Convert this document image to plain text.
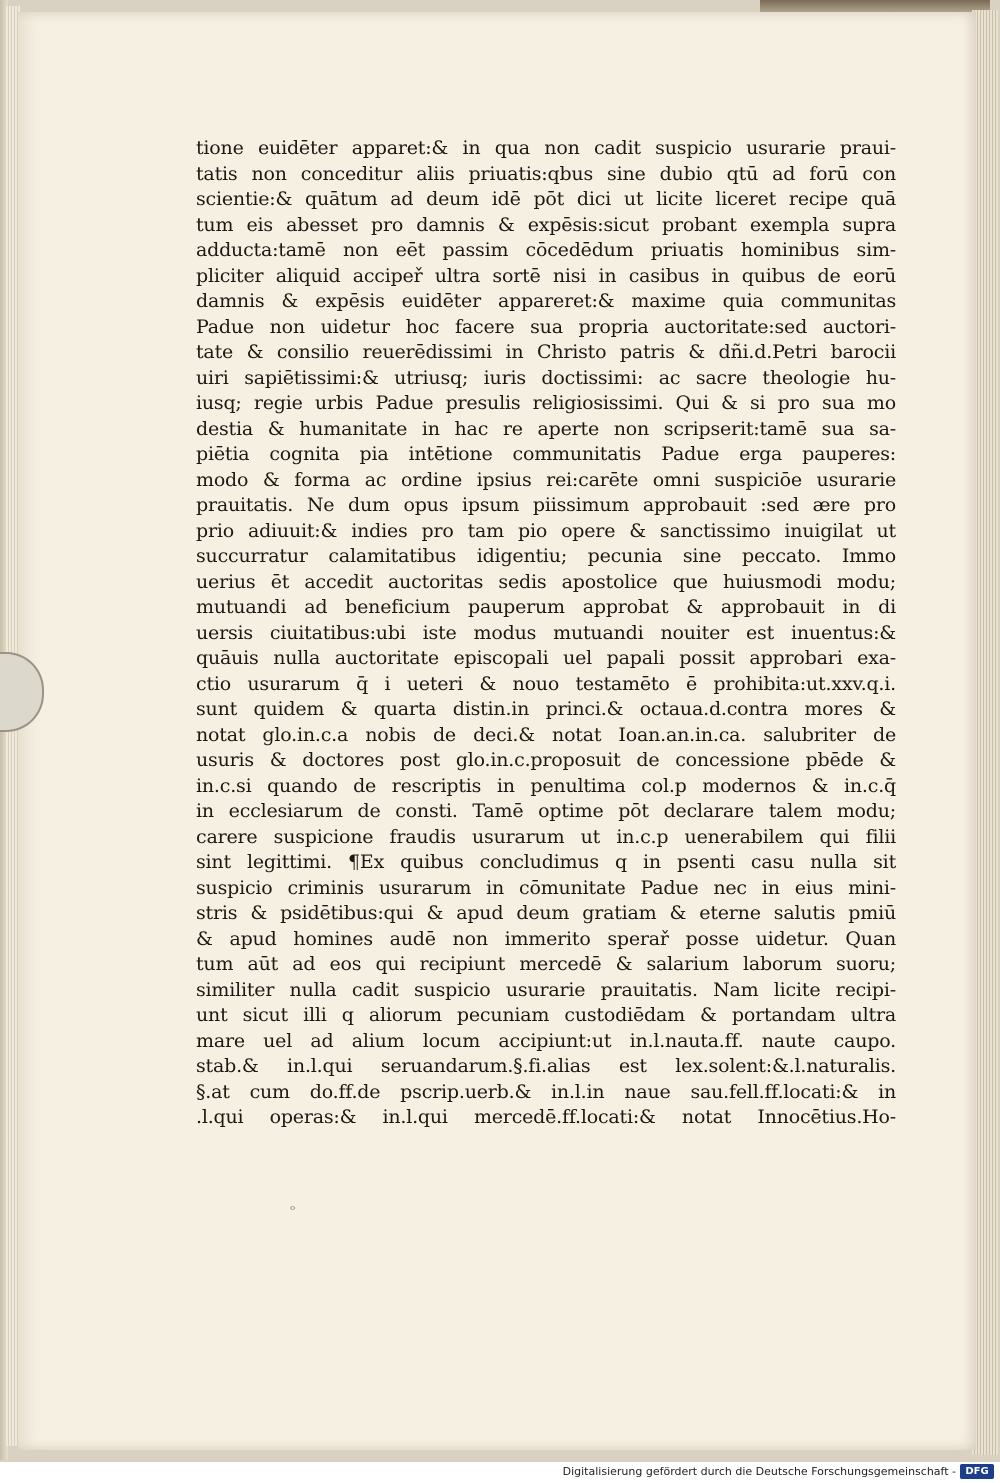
tione euidēter apparet:& in qua non cadit suspicio usurarie praui-
tatis non conceditur aliis priuatis:qbus sine dubio qtū ad forū con
scientie:& quātum ad deum idē pōt dici ut licite liceret recipe quā
tum eis abesset pro damnis & expēsis:sicut probant exempla supra
adducta:tamē non eēt passim cōcedēdum priuatis hominibus sim-
pliciter aliquid accipeř ultra sortē nisi in casibus in quibus de eorū
damnis & expēsis euidēter appareret:& maxime quia communitas
Padue non uidetur hoc facere sua propria auctoritate:sed auctori-
tate & consilio reuerēdissimi in Christo patris & dñi.d.Petri barocii
uiri sapiētissimi:& utriusq; iuris doctissimi: ac sacre theologie hu-
iusq; regie urbis Padue presulis religiosissimi. Qui & si pro sua mo
destia & humanitate in hac re aperte non scripserit:tamē sua sa-
piētia cognita pia intētione communitatis Padue erga pauperes:
modo & forma ac ordine ipsius rei:carēte omni suspiciōe usurarie
prauitatis. Ne dum opus ipsum piissimum approbauit :sed ære pro
prio adiuuit:& indies pro tam pio opere & sanctissimo inuigilat ut
succurratur calamitatibus idigentiu; pecunia sine peccato. Immo
uerius ēt accedit auctoritas sedis apostolice que huiusmodi modu;
mutuandi ad beneficium pauperum approbat & approbauit in di
uersis ciuitatibus:ubi iste modus mutuandi nouiter est inuentus:&
quāuis nulla auctoritate episcopali uel papali possit approbari exa-
ctio usurarum q̄ i ueteri & nouo testamēto ē prohibita:ut.xxv.q.i.
sunt quidem & quarta distin.in princi.& octaua.d.contra mores &
notat glo.in.c.a nobis de deci.& notat Ioan.an.in.ca. salubriter de
usuris & doctores post glo.in.c.proposuit de concessione pbēde &
in.c.si quando de rescriptis in penultima col.p modernos & in.c.q̄
in ecclesiarum de consti. Tamē optime pōt declarare talem modu;
carere suspicione fraudis usurarum ut in.c.p uenerabilem qui filii
sint legittimi. ¶Ex quibus concludimus q in psenti casu nulla sit
suspicio criminis usurarum in cōmunitate Padue nec in eius mini-
stris & psidētibus:qui & apud deum gratiam & eterne salutis pmiū
& apud homines audē non immerito sperař posse uidetur. Quan
tum aūt ad eos qui recipiunt mercedē & salarium laborum suoru;
similiter nulla cadit suspicio usurarie prauitatis. Nam licite recipi-
unt sicut illi q aliorum pecuniam custodiēdam & portandam ultra
mare uel ad alium locum accipiunt:ut in.l.nauta.ff. naute caupo.
stab.& in.l.qui seruandarum.§.fi.alias est lex.solent:&.l.naturalis.
§.at cum do.ff.de pscrip.uerb.& in.l.in naue sau.fell.ff.locati:& in
.l.qui operas:& in.l.qui mercedē.ff.locati:& notat Innocētius.Ho-
ₒ
Digitalisierung gefördert durch die Deutsche Forschungsgemeinschaft - DFG
